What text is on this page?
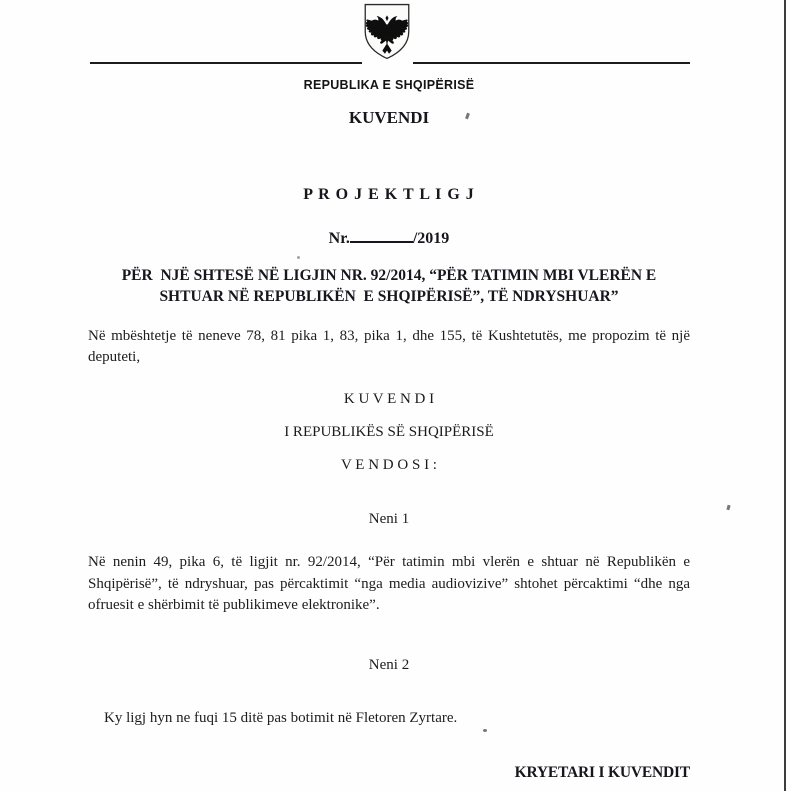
REPUBLIKA E SHQIPËRISË
KUVENDI
P R O J E K T L I G J
Nr.	/2019
PËR  NJË SHTESË NË LIGJIN NR. 92/2014, “PËR TATIMIN MBI VLERËN E
SHTUAR NË REPUBLIKËN  E SHQIPËRISË”, TË NDRYSHUAR”
Në mbështetje të neneve 78, 81 pika 1, 83, pika 1, dhe 155, të Kushtetutës, me propozim të një
deputeti,
K U V E N D I
I REPUBLIKËS SË SHQIPËRISË
V E N D O S I :
Neni 1
Në nenin 49, pika 6, të ligjit nr. 92/2014, “Për tatimin mbi vlerën e shtuar në Republikën e
Shqipërisë”, të ndryshuar, pas përcaktimit “nga media audiovizive” shtohet përcaktimi “dhe nga
ofruesit e shërbimit të publikimeve elektronike”.
Neni 2
Ky ligj hyn ne fuqi 15 ditë pas botimit në Fletoren Zyrtare.
KRYETARI I KUVENDIT
